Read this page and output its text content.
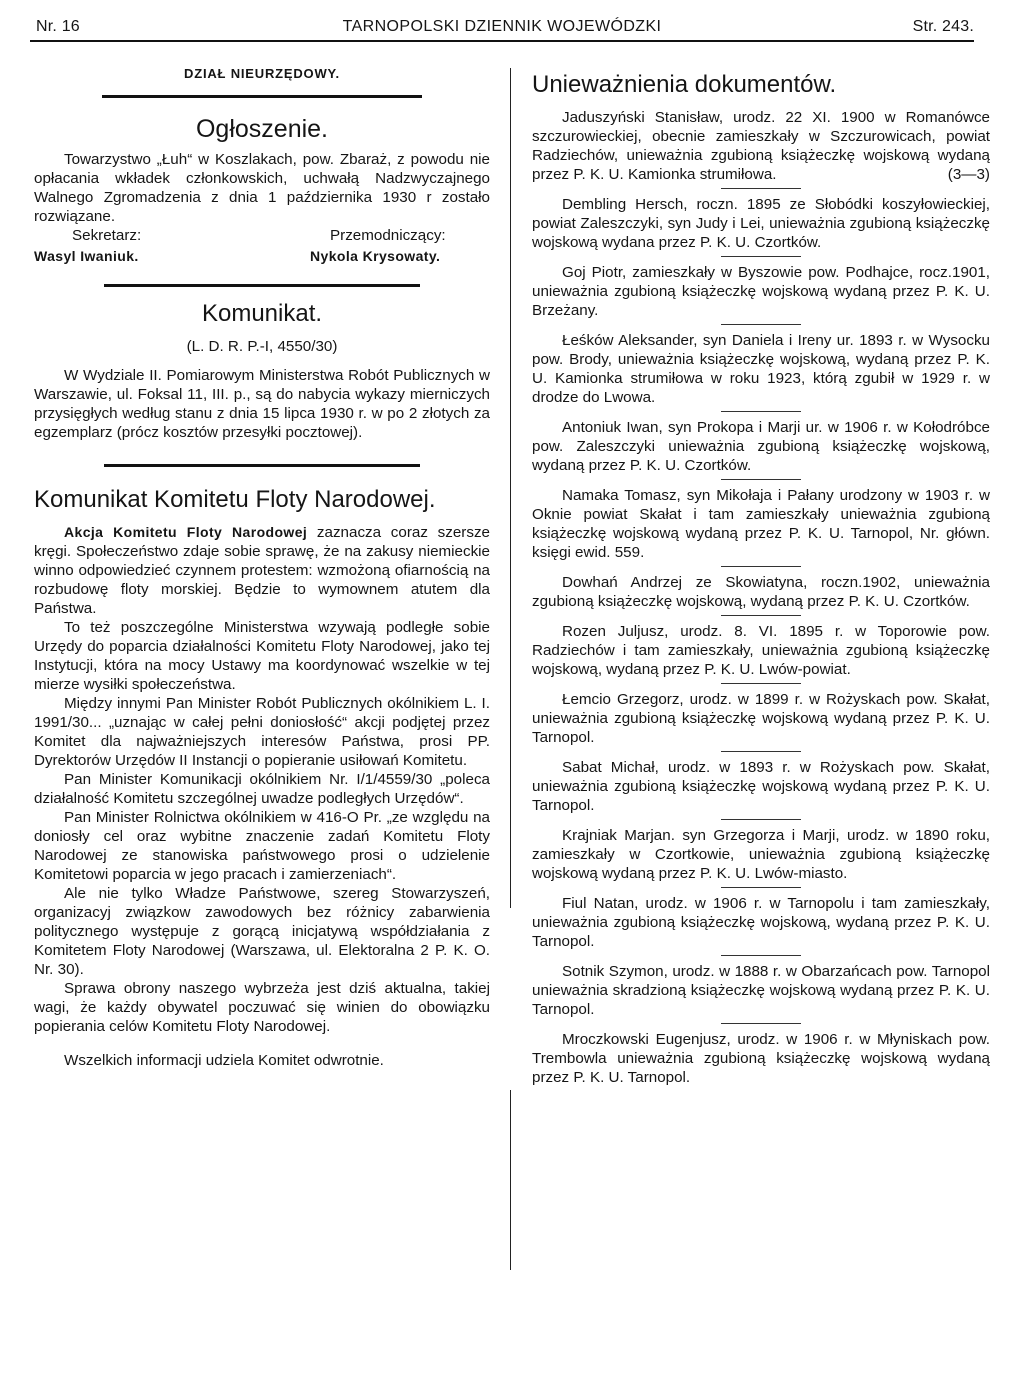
Nr. 16	TARNOPOLSKI DZIENNIK WOJEWÓDZKI	Str. 243.
DZIAŁ NIEURZĘDOWY.
Ogłoszenie.

Towarzystwo „Łuh“ w Koszlakach, pow. Zbaraż, z powodu nie opłacania wkładek członkowskich, uchwałą Nadzwyczajnego Walnego Zgromadzenia z dnia 1 października 1930 r zostało rozwiązane.

Sekretarz:	Przemodniczący:
Wasyl Iwaniuk.	Nykola Krysowaty.
Komunikat.

(L. D. R. P.-I, 4550/30)

W Wydziale II. Pomiarowym Ministerstwa Robót Publicznych w Warszawie, ul. Foksal 11, III. p., są do nabycia wykazy mierniczych przysięgłych według stanu z dnia 15 lipca 1930 r. w po 2 złotych za egzemplarz (prócz kosztów przesyłki pocztowej).

Komunikat Komitetu Floty Narodowej.

Akcja Komitetu Floty Narodowej zaznacza coraz szersze kręgi. Społeczeństwo zdaje sobie sprawę, że na zakusy niemieckie winno odpowiedzieć czynnem protestem: wzmożoną ofiarnością na rozbudowę floty morskiej. Będzie to wymownem atutem dla Państwa.

To też poszczególne Ministerstwa wzywają podległe sobie Urzędy do poparcia działalności Komitetu Floty Narodowej, jako tej Instytucji, która na mocy Ustawy ma koordynować wszelkie w tej mierze wysiłki społeczeństwa.

Między innymi Pan Minister Robót Publicznych okólnikiem L. I. 1991/30... „uznając w całej pełni doniosłość“ akcji podjętej przez Komitet dla najważniejszych interesów Państwa, prosi PP. Dyrektorów Urzędów II Instancji o popieranie usiłowań Komitetu.

Pan Minister Komunikacji okólnikiem Nr. I/1/4559/30 „poleca działalność Komitetu szczególnej uwadze podległych Urzędów“.

Pan Minister Rolnictwa okólnikiem w 416-O Pr. „ze względu na doniosły cel oraz wybitne znaczenie zadań Komitetu Floty Narodowej ze stanowiska państwowego prosi o udzielenie Komitetowi poparcia w jego pracach i zamierzeniach“.

Ale nie tylko Władze Państwowe, szereg Stowarzyszeń, organizacyj związkow zawodowych bez różnicy zabarwienia politycznego występuje z gorącą inicjatywą współdziałania z Komitetem Floty Narodowej (Warszawa, ul. Elektoralna 2 P. K. O. Nr. 30).

Sprawa obrony naszego wybrzeża jest dziś aktualna, takiej wagi, że każdy obywatel poczuwać się winien do obowiązku popierania celów Komitetu Floty Narodowej.

Wszelkich informacji udziela Komitet odwrotnie.

Unieważnienia dokumentów.

Jaduszyński Stanisław, urodz. 22 XI. 1900 w Romanówce szczurowieckiej, obecnie zamieszkały w Szczurowicach, powiat Radziechów, unieważnia zgubioną książeczkę wojskową wydaną przez P. K. U. Kamionka strumiłowa.	(3—3)

Dembling Hersch, roczn. 1895 ze Słobódki koszyłowieckiej, powiat Zaleszczyki, syn Judy i Lei, unieważnia zgubioną książeczkę wojskową wydana przez P. K. U. Czortków.

Goj Piotr, zamieszkały w Byszowie pow. Podhajce, rocz.1901, unieważnia zgubioną książeczkę wojskową wydaną przez P. K. U. Brzeżany.

Łeśków Aleksander, syn Daniela i Ireny ur. 1893 r. w Wysocku pow. Brody, unieważnia książeczkę wojskową, wydaną przez P. K. U. Kamionka strumiłowa w roku 1923, którą zgubił w 1929 r. w drodze do Lwowa.

Antoniuk Iwan, syn Prokopa i Marji ur. w 1906 r. w Kołodróbce pow. Zaleszczyki unieważnia zgubioną książeczkę wojskową, wydaną przez P. K. U. Czortków.

Namaka Tomasz, syn Mikołaja i Pałany urodzony w 1903 r. w Oknie powiat Skałat i tam zamieszkały unieważnia zgubioną książeczkę wojskową wydaną przez P. K. U. Tarnopol, Nr. główn. księgi ewid. 559.

Dowhań Andrzej ze Skowiatyna, roczn.1902, unieważnia zgubioną książeczkę wojskową, wydaną przez P. K. U. Czortków.

Rozen Juljusz, urodz. 8. VI. 1895 r. w Toporowie pow. Radziechów i tam zamieszkały, unieważnia zgubioną książeczkę wojskową, wydaną przez P. K. U. Lwów-powiat.

Łemcio Grzegorz, urodz. w 1899 r. w Rożyskach pow. Skałat, unieważnia zgubioną książeczkę wojskową wydaną przez P. K. U. Tarnopol.

Sabat Michał, urodz. w 1893 r. w Rożyskach pow. Skałat, unieważnia zgubioną książeczkę wojskową wydaną przez P. K. U. Tarnopol.

Krajniak Marjan. syn Grzegorza i Marji, urodz. w 1890 roku, zamieszkały w Czortkowie, unieważnia zgubioną książeczkę wojskową wydaną przez P. K. U. Lwów-miasto.

Fiul Natan, urodz. w 1906 r. w Tarnopolu i tam zamieszkały, unieważnia zgubioną książeczkę wojskową, wydaną przez P. K. U. Tarnopol.

Sotnik Szymon, urodz. w 1888 r. w Obarzańcach pow. Tarnopol unieważnia skradzioną książeczkę wojskową wydaną przez P. K. U. Tarnopol.

Mroczkowski Eugenjusz, urodz. w 1906 r. w Młyniskach pow. Trembowla unieważnia zgubioną książeczkę wojskową wydaną przez P. K. U. Tarnopol.
